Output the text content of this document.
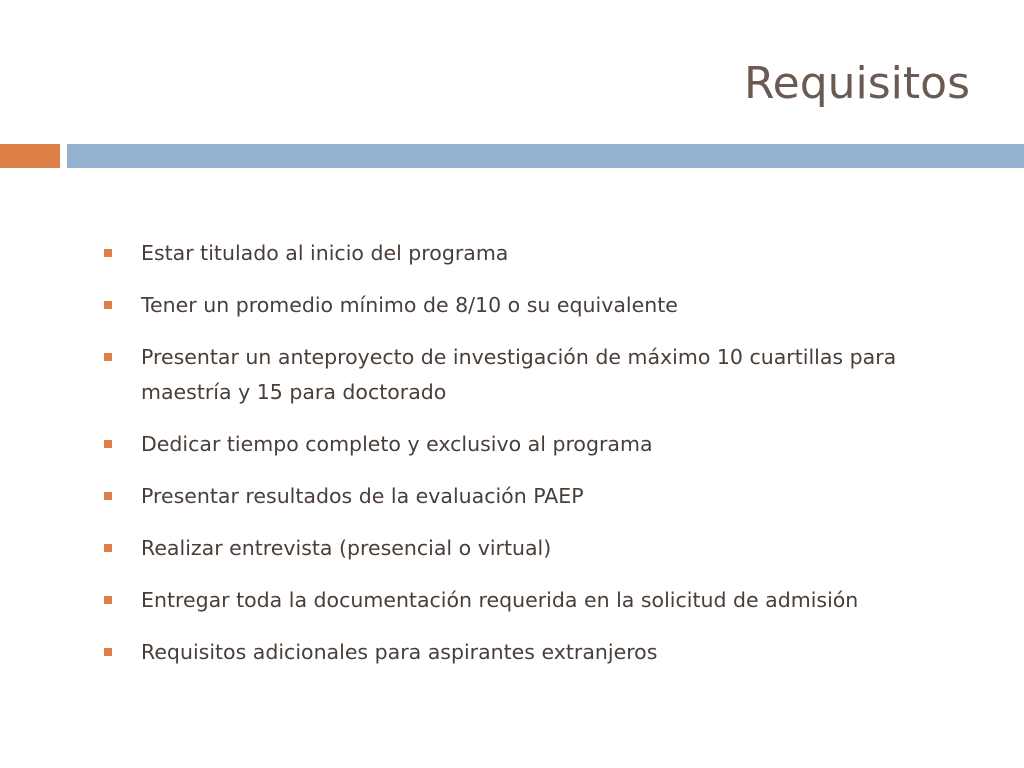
Requisitos
Estar titulado al inicio del programa
Tener un promedio mínimo de 8/10 o su equivalente
Presentar un anteproyecto de investigación de máximo 10 cuartillas para maestría y 15 para doctorado
Dedicar tiempo completo y exclusivo al programa
Presentar resultados de la evaluación PAEP
Realizar entrevista (presencial o virtual)
Entregar toda la documentación requerida en la solicitud de admisión
Requisitos adicionales para aspirantes extranjeros
